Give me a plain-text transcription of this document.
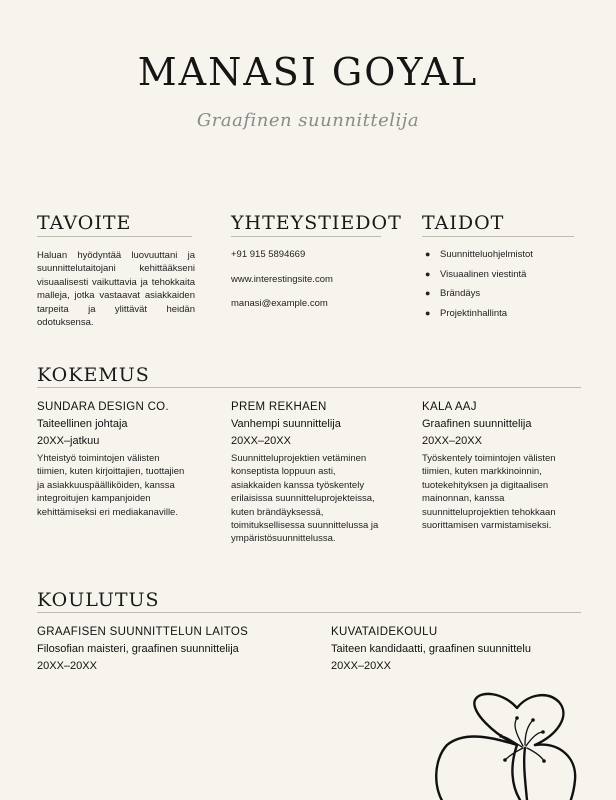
MANASI GOYAL
Graafinen suunnittelija
TAVOITE
Haluan hyödyntää luovuuttani ja suunnittelutaitojani kehittääkseni visuaalisesti vaikuttavia ja tehokkaita malleja, jotka vastaavat asiakkaiden tarpeita ja ylittävät heidän odotuksensa.
YHTEYSTIEDOT
+91 915 5894669
www.interestingsite.com
manasi@example.com
TAIDOT
● Suunnitteluohjelmistot
● Visuaalinen viestintä
● Brändäys
● Projektinhallinta
KOKEMUS
SUNDARA DESIGN CO.
Taiteellinen johtaja
20XX–jatkuu
Yhteistyö toimintojen välisten tiimien, kuten kirjoittajien, tuottajien ja asiakkuuspäälliköiden, kanssa integroitujen kampanjoiden kehittämiseksi eri mediakanaville.
PREM REKHAEN
Vanhempi suunnittelija
20XX–20XX
Suunnitteluprojektien vetäminen konseptista loppuun asti, asiakkaiden kanssa työskentely erilaisissa suunnitteluprojekteissa, kuten brändäyksessä, toimituksellisessa suunnittelussa ja ympäristösuunnittelussa.
KALA AAJ
Graafinen suunnittelija
20XX–20XX
Työskentely toimintojen välisten tiimien, kuten markkinoinnin, tuotekehityksen ja digitaalisen mainonnan, kanssa suunnitteluprojektien tehokkaan suorittamisen varmistamiseksi.
KOULUTUS
GRAAFISEN SUUNNITTELUN LAITOS
Filosofian maisteri, graafinen suunnittelija
20XX–20XX
KUVATAIDEKOULU
Taiteen kandidaatti, graafinen suunnittelu
20XX–20XX
